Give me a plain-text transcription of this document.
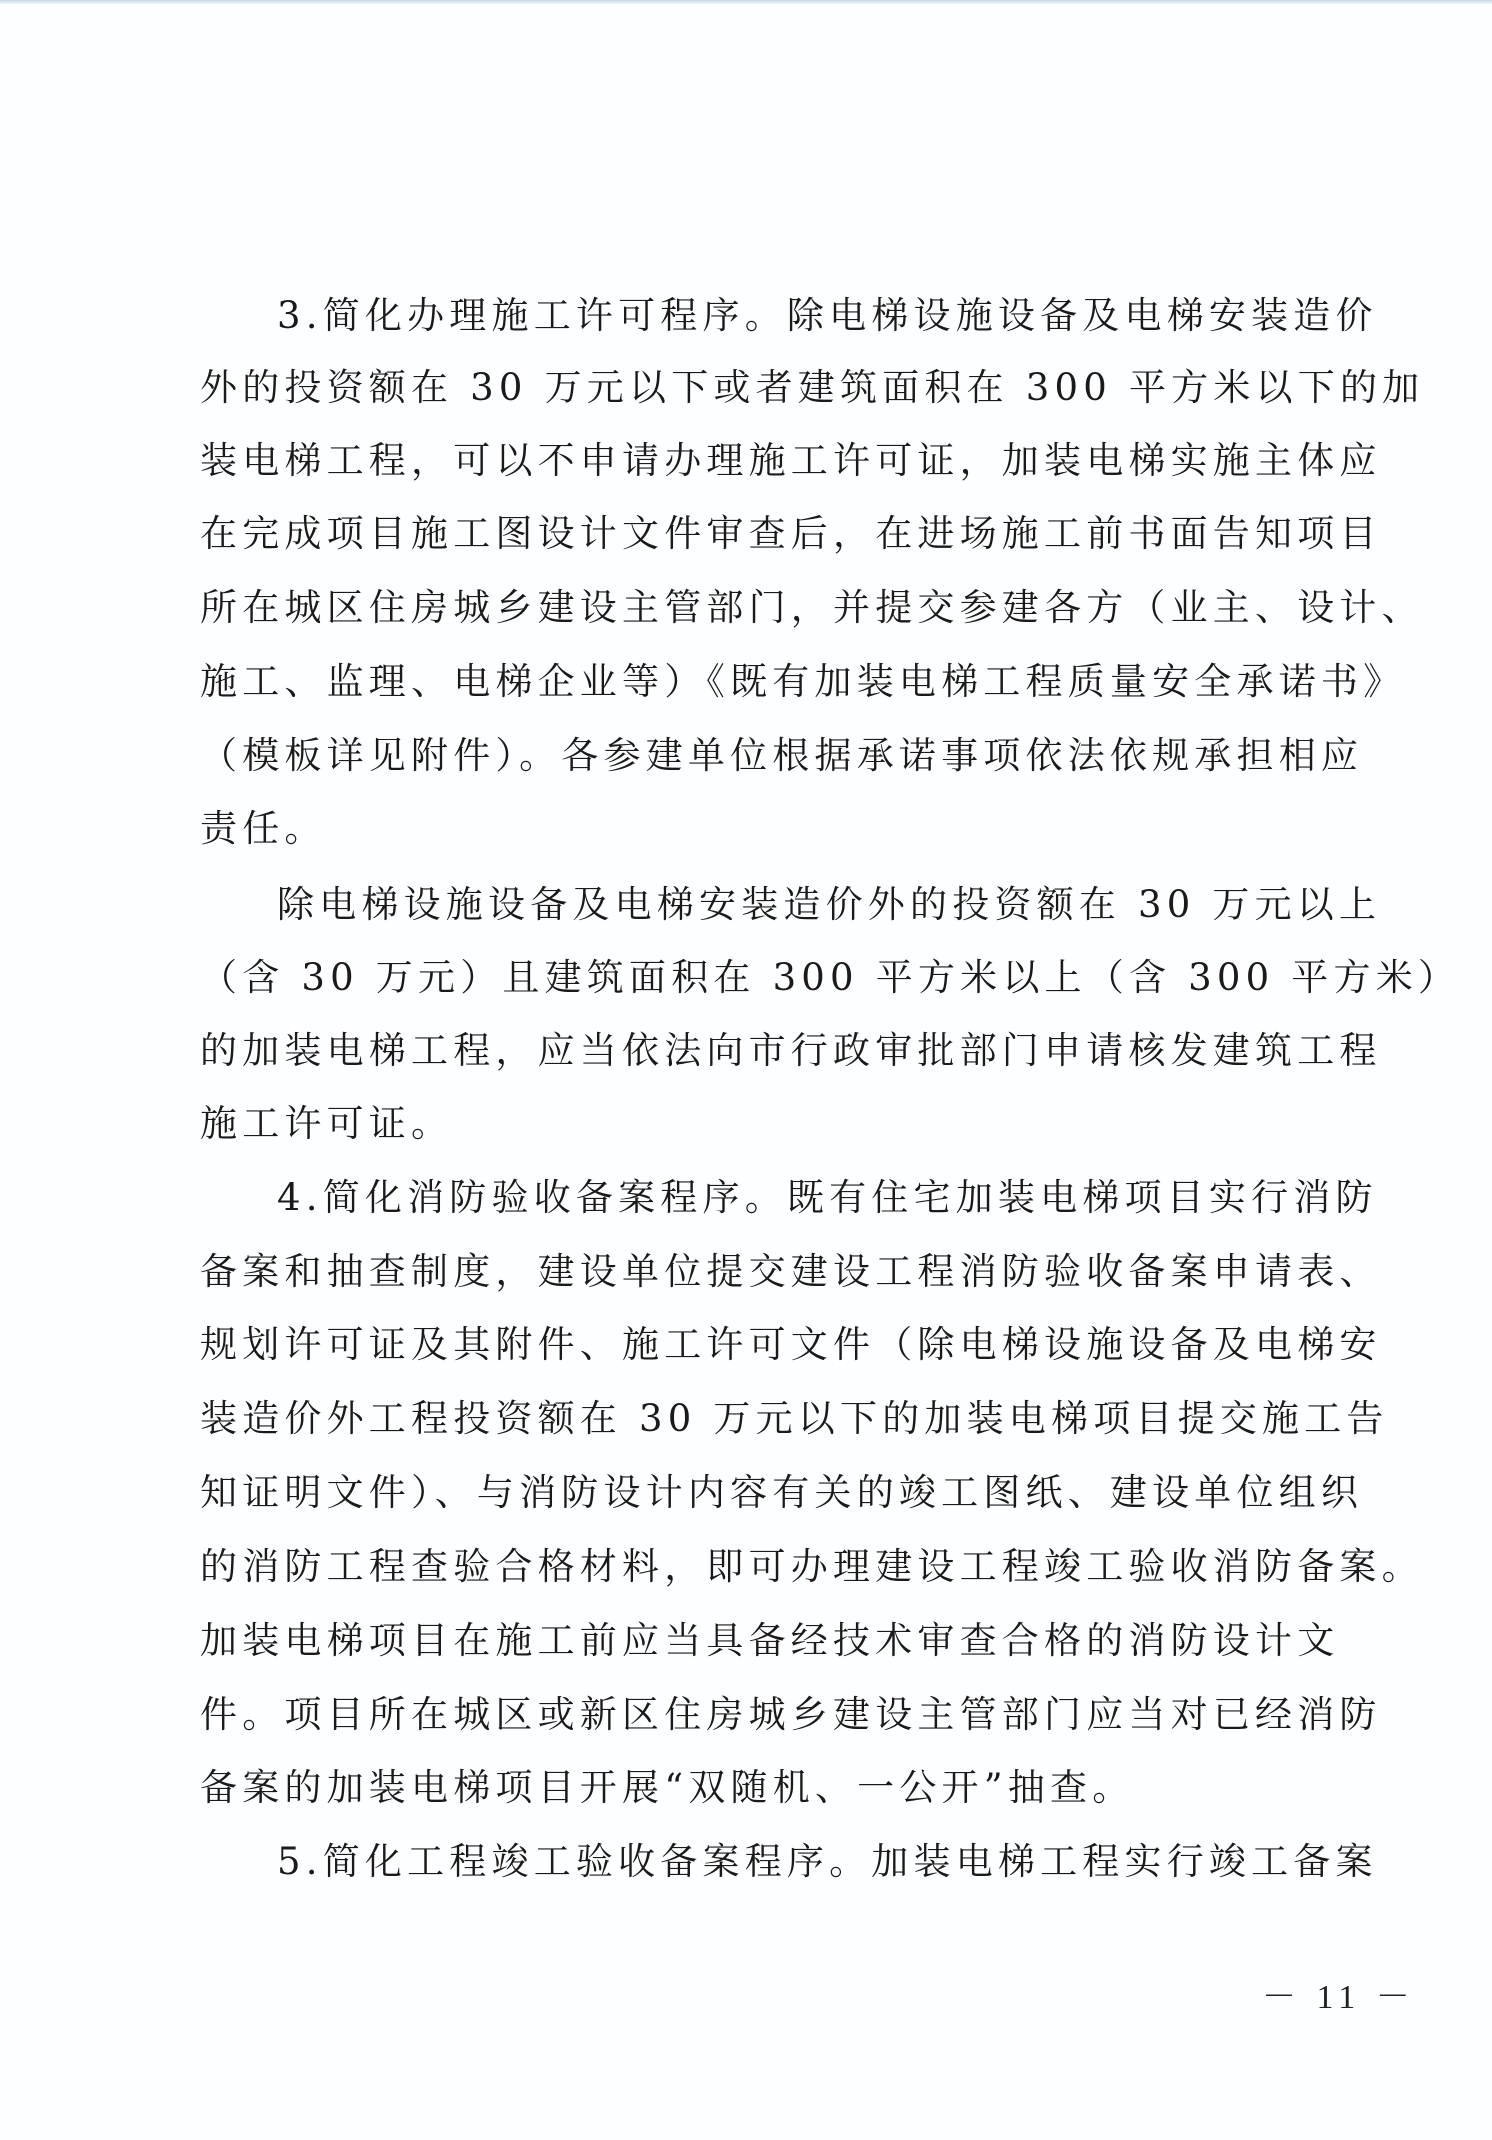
3.简化办理施工许可程序。除电梯设施设备及电梯安装造价
外的投资额在 30 万元以下或者建筑面积在 300 平方米以下的加
装电梯工程，可以不申请办理施工许可证，加装电梯实施主体应
在完成项目施工图设计文件审查后，在进场施工前书面告知项目
所在城区住房城乡建设主管部门，并提交参建各方（业主、设计、
施工、监理、电梯企业等）《既有加装电梯工程质量安全承诺书》
（模板详见附件）。各参建单位根据承诺事项依法依规承担相应
责任。
除电梯设施设备及电梯安装造价外的投资额在 30 万元以上
（含 30 万元）且建筑面积在 300 平方米以上（含 300 平方米）
的加装电梯工程，应当依法向市行政审批部门申请核发建筑工程
施工许可证。
4.简化消防验收备案程序。既有住宅加装电梯项目实行消防
备案和抽查制度，建设单位提交建设工程消防验收备案申请表、
规划许可证及其附件、施工许可文件（除电梯设施设备及电梯安
装造价外工程投资额在 30 万元以下的加装电梯项目提交施工告
知证明文件）、与消防设计内容有关的竣工图纸、建设单位组织
的消防工程查验合格材料，即可办理建设工程竣工验收消防备案。
加装电梯项目在施工前应当具备经技术审查合格的消防设计文
件。项目所在城区或新区住房城乡建设主管部门应当对已经消防
备案的加装电梯项目开展“双随机、一公开”抽查。
5.简化工程竣工验收备案程序。加装电梯工程实行竣工备案
－ 11 －
